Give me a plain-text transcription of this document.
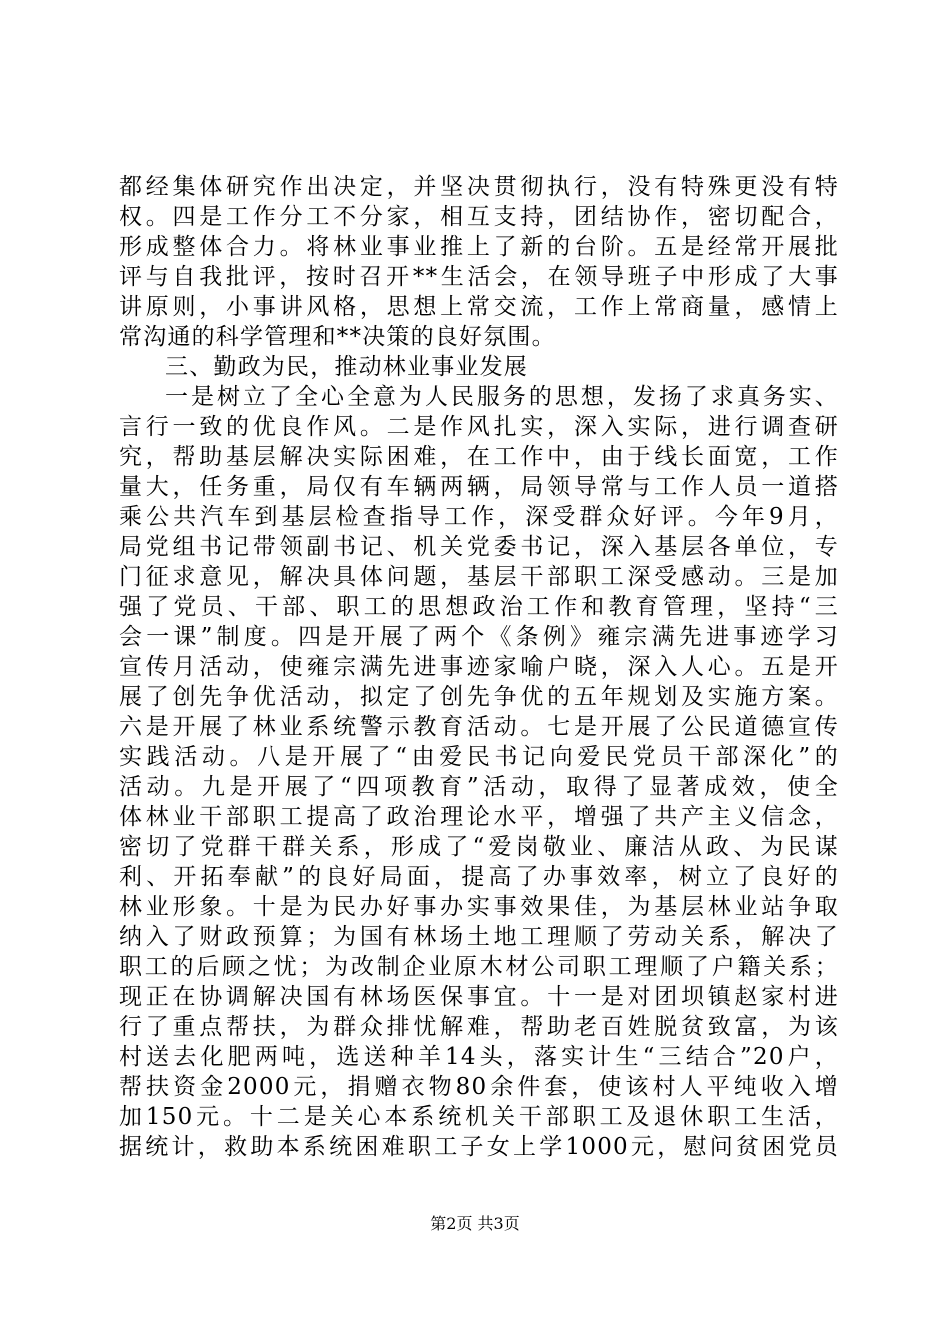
都经集体研究作出决定，并坚决贯彻执行，没有特殊更没有特
权。四是工作分工不分家，相互支持，团结协作，密切配合，
形成整体合力。将林业事业推上了新的台阶。五是经常开展批
评与自我批评，按时召开**生活会，在领导班子中形成了大事
讲原则，小事讲风格，思想上常交流，工作上常商量，感情上
常沟通的科学管理和**决策的良好氛围。
三、勤政为民，推动林业事业发展
一是树立了全心全意为人民服务的思想，发扬了求真务实、
言行一致的优良作风。二是作风扎实，深入实际，进行调查研
究，帮助基层解决实际困难，在工作中，由于线长面宽，工作
量大，任务重，局仅有车辆两辆，局领导常与工作人员一道搭
乘公共汽车到基层检查指导工作，深受群众好评。今年9月，
局党组书记带领副书记、机关党委书记，深入基层各单位，专
门征求意见，解决具体问题，基层干部职工深受感动。三是加
强了党员、干部、职工的思想政治工作和教育管理，坚持“三
会一课”制度。四是开展了两个《条例》雍宗满先进事迹学习
宣传月活动，使雍宗满先进事迹家喻户晓，深入人心。五是开
展了创先争优活动，拟定了创先争优的五年规划及实施方案。
六是开展了林业系统警示教育活动。七是开展了公民道德宣传
实践活动。八是开展了“由爱民书记向爱民党员干部深化”的
活动。九是开展了“四项教育”活动，取得了显著成效，使全
体林业干部职工提高了政治理论水平，增强了共产主义信念，
密切了党群干群关系，形成了“爱岗敬业、廉洁从政、为民谋
利、开拓奉献”的良好局面，提高了办事效率，树立了良好的
林业形象。十是为民办好事办实事效果佳，为基层林业站争取
纳入了财政预算；为国有林场土地工理顺了劳动关系，解决了
职工的后顾之忧；为改制企业原木材公司职工理顺了户籍关系；
现正在协调解决国有林场医保事宜。十一是对团坝镇赵家村进
行了重点帮扶，为群众排忧解难，帮助老百姓脱贫致富，为该
村送去化肥两吨，选送种羊14头，落实计生“三结合”20户，
帮扶资金2000元，捐赠衣物80余件套，使该村人平纯收入增
加150元。十二是关心本系统机关干部职工及退休职工生活，
据统计，救助本系统困难职工子女上学1000元，慰问贫困党员
第2页 共3页
